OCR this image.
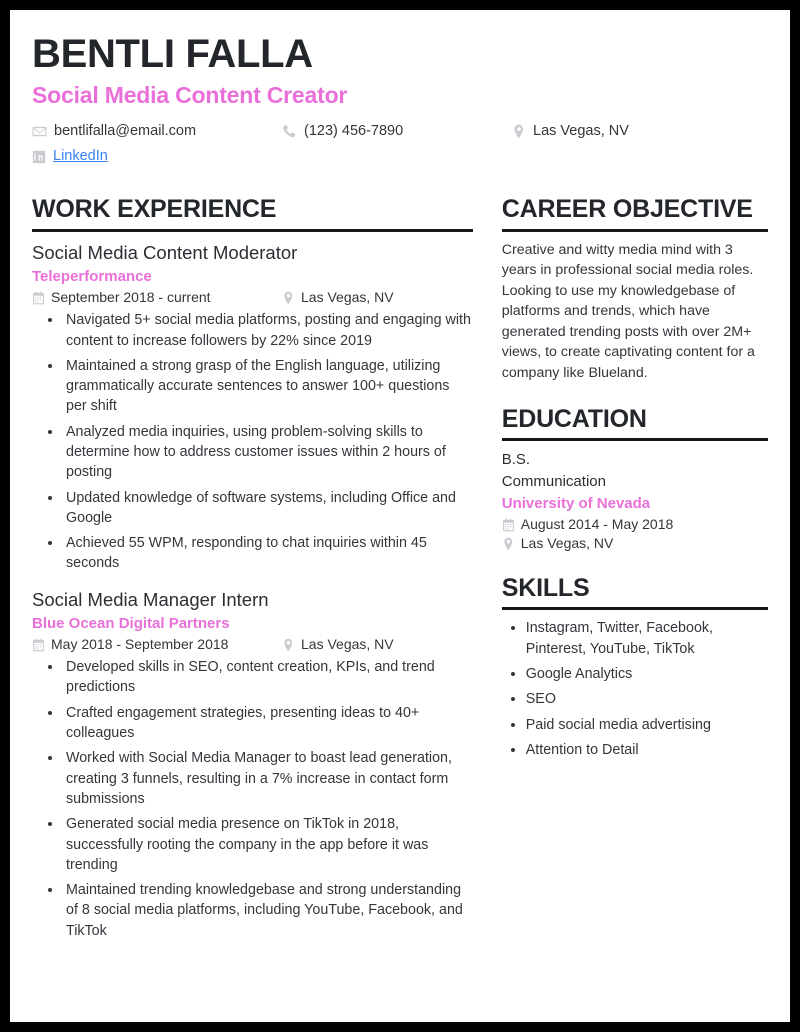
BENTLI FALLA
Social Media Content Creator
bentlifalla@email.com	(123) 456-7890	Las Vegas, NV
LinkedIn
WORK EXPERIENCE
Social Media Content Moderator
Teleperformance
September 2018 - current	Las Vegas, NV
• Navigated 5+ social media platforms, posting and engaging with content to increase followers by 22% since 2019
• Maintained a strong grasp of the English language, utilizing grammatically accurate sentences to answer 100+ questions per shift
• Analyzed media inquiries, using problem-solving skills to determine how to address customer issues within 2 hours of posting
• Updated knowledge of software systems, including Office and Google
• Achieved 55 WPM, responding to chat inquiries within 45 seconds
Social Media Manager Intern
Blue Ocean Digital Partners
May 2018 - September 2018	Las Vegas, NV
• Developed skills in SEO, content creation, KPIs, and trend predictions
• Crafted engagement strategies, presenting ideas to 40+ colleagues
• Worked with Social Media Manager to boast lead generation, creating 3 funnels, resulting in a 7% increase in contact form submissions
• Generated social media presence on TikTok in 2018, successfully rooting the company in the app before it was trending
• Maintained trending knowledgebase and strong understanding of 8 social media platforms, including YouTube, Facebook, and TikTok
CAREER OBJECTIVE
Creative and witty media mind with 3 years in professional social media roles. Looking to use my knowledgebase of platforms and trends, which have generated trending posts with over 2M+ views, to create captivating content for a company like Blueland.
EDUCATION
B.S.
Communication
University of Nevada
August 2014 - May 2018
Las Vegas, NV
SKILLS
• Instagram, Twitter, Facebook, Pinterest, YouTube, TikTok
• Google Analytics
• SEO
• Paid social media advertising
• Attention to Detail
